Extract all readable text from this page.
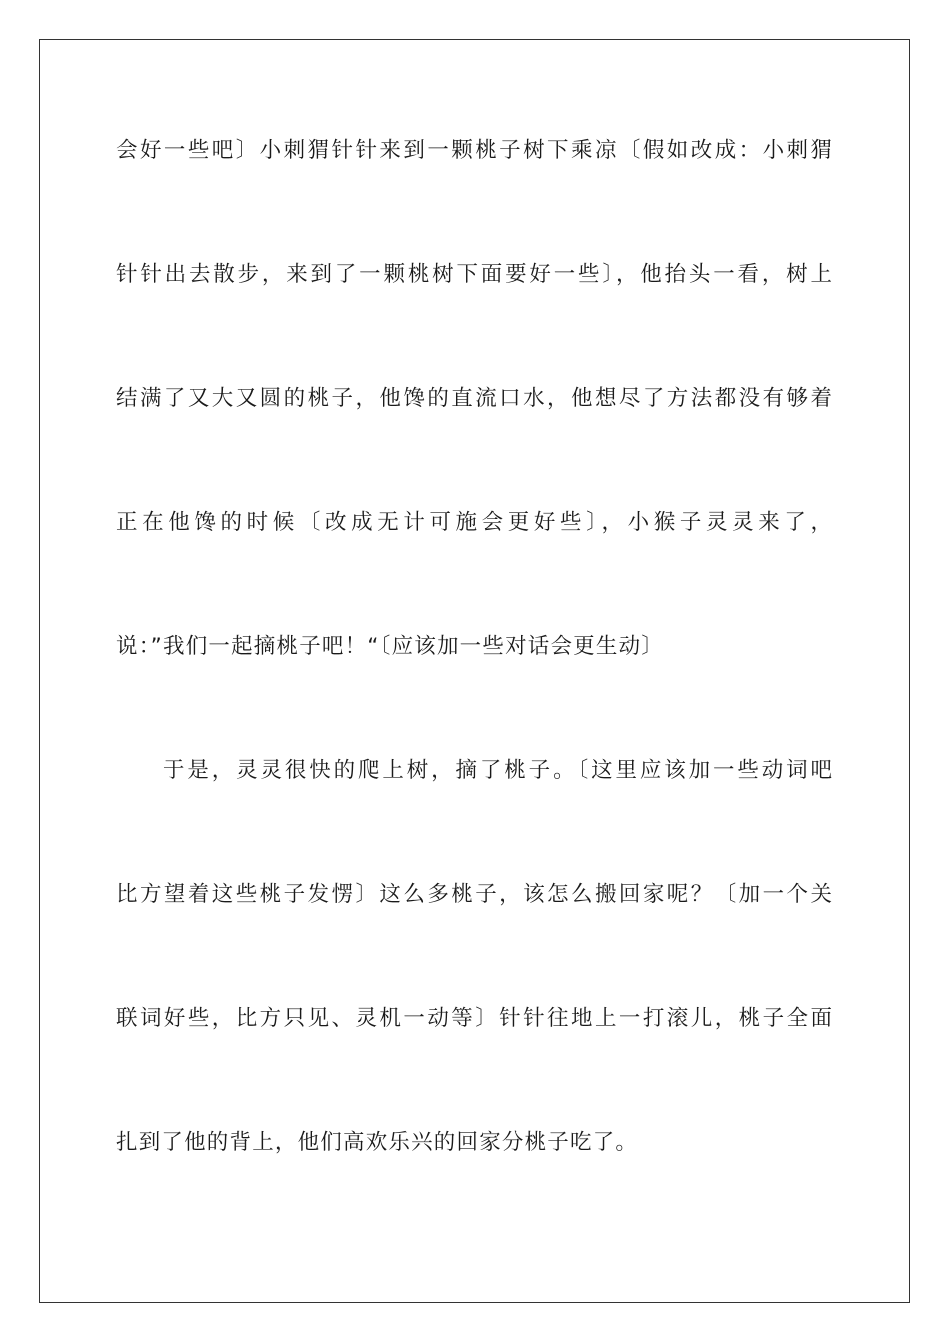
会好一些吧〕小刺猬针针来到一颗桃子树下乘凉〔假如改成：小刺猬
针针出去散步，来到了一颗桃树下面要好一些〕，他抬头一看，树上
结满了又大又圆的桃子，他馋的直流口水，他想尽了方法都没有够着
正在他馋的时候〔改成无计可施会更好些〕，小猴子灵灵来了，
说：”我们一起摘桃子吧！“〔应该加一些对话会更生动〕
于是，灵灵很快的爬上树，摘了桃子。〔这里应该加一些动词吧
比方望着这些桃子发愣〕这么多桃子，该怎么搬回家呢？〔加一个关
联词好些，比方只见、灵机一动等〕针针往地上一打滚儿，桃子全面
扎到了他的背上，他们高欢乐兴的回家分桃子吃了。
